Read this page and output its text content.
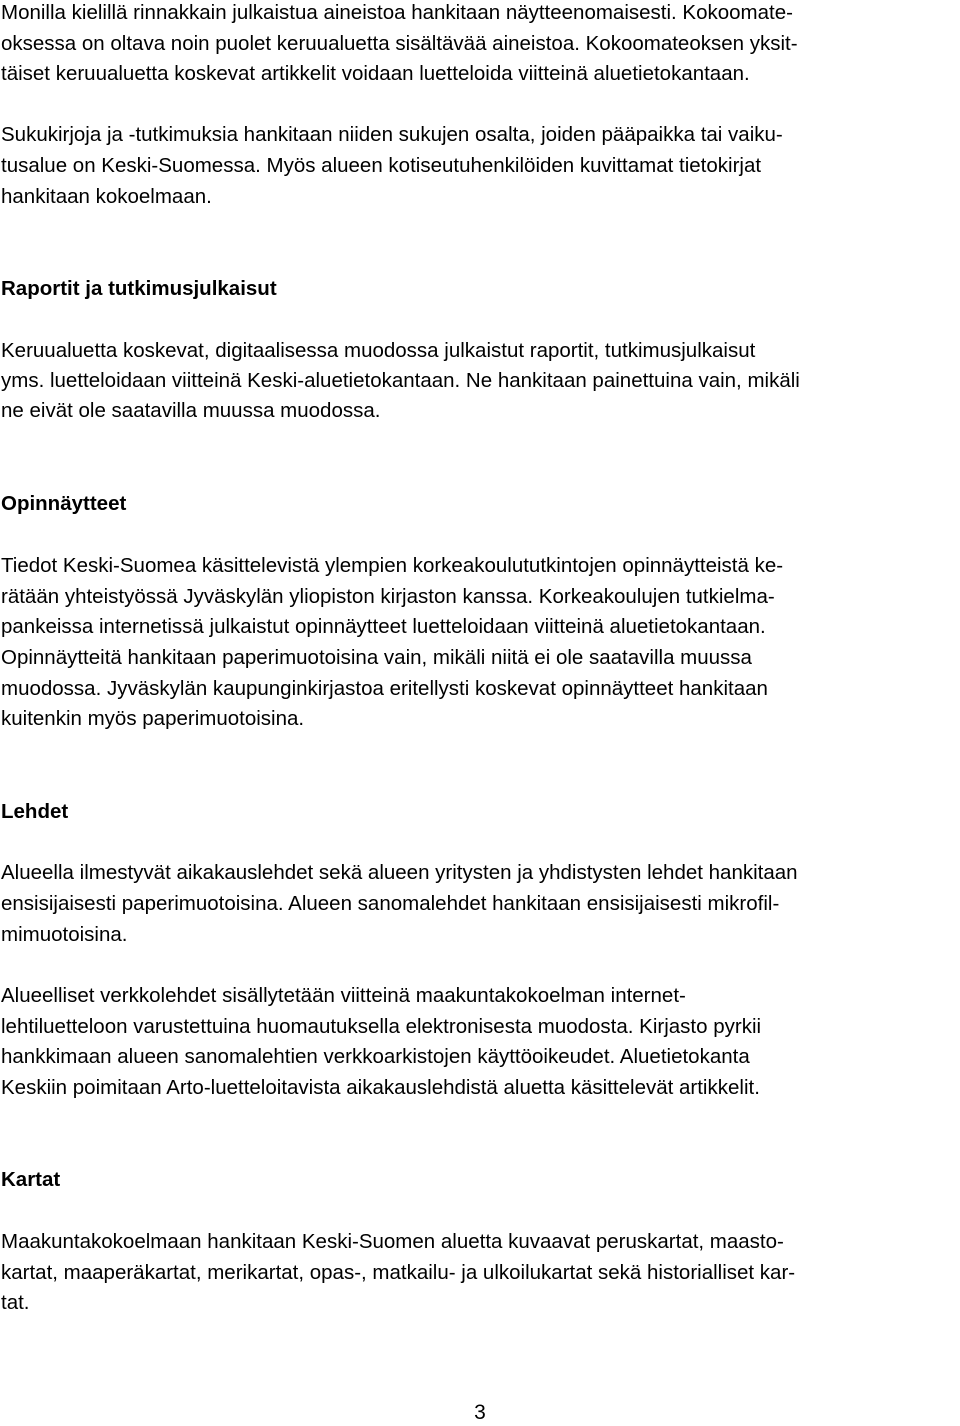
Monilla kielillä rinnakkain julkaistua aineistoa hankitaan näytteenomaisesti. Kokoomate-
oksessa on oltava noin puolet keruualuetta sisältävää aineistoa. Kokoomateoksen yksit-
täiset keruualuetta koskevat artikkelit voidaan luetteloida viitteinä aluetietokantaan.
Sukukirjoja ja -tutkimuksia hankitaan niiden sukujen osalta, joiden pääpaikka tai vaiku-
tusalue on Keski-Suomessa. Myös alueen kotiseutuhenkilöiden kuvittamat tietokirjat
hankitaan kokoelmaan.
Raportit ja tutkimusjulkaisut
Keruualuetta koskevat, digitaalisessa muodossa julkaistut raportit, tutkimusjulkaisut
yms. luetteloidaan viitteinä Keski-aluetietokantaan. Ne hankitaan painettuina vain, mikäli
ne eivät ole saatavilla muussa muodossa.
Opinnäytteet
Tiedot Keski-Suomea käsittelevistä ylempien korkeakoulututkintojen opinnäytteistä ke-
rätään yhteistyössä Jyväskylän yliopiston kirjaston kanssa. Korkeakoulujen tutkielma-
pankeissa internetissä julkaistut opinnäytteet luetteloidaan viitteinä aluetietokantaan.
Opinnäytteitä hankitaan paperimuotoisina vain, mikäli niitä ei ole saatavilla muussa
muodossa. Jyväskylän kaupunginkirjastoa eritellysti koskevat opinnäytteet hankitaan
kuitenkin myös paperimuotoisina.
Lehdet
Alueella ilmestyvät aikakauslehdet sekä alueen yritysten ja yhdistysten lehdet hankitaan
ensisijaisesti paperimuotoisina. Alueen sanomalehdet hankitaan ensisijaisesti mikrofil-
mimuotoisina.
Alueelliset verkkolehdet sisällytetään viitteinä maakuntakokoelman internet-
lehtiluetteloon varustettuina huomautuksella elektronisesta muodosta. Kirjasto pyrkii
hankkimaan alueen sanomalehtien verkkoarkistojen käyttöoikeudet. Aluetietokanta
Keskiin poimitaan Arto-luetteloitavista aikakauslehdistä aluetta käsittelevät artikkelit.
Kartat
Maakuntakokoelmaan hankitaan Keski-Suomen aluetta kuvaavat peruskartat, maasto-
kartat, maaperäkartat, merikartat, opas-, matkailu- ja ulkoilukartat sekä historialliset kar-
tat.
3
